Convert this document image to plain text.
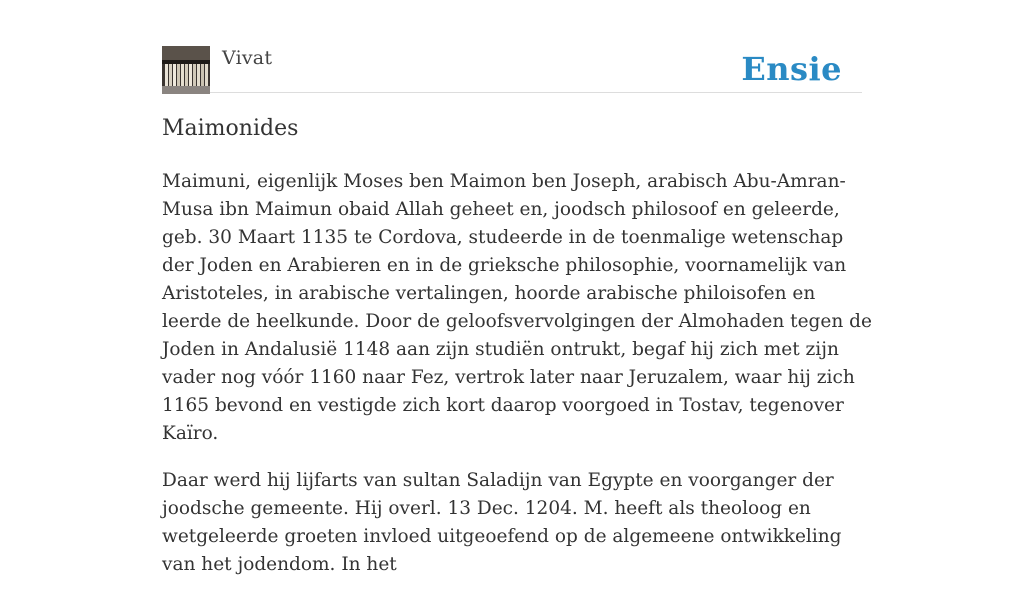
Vivat	Ensie
Maimonides

Maimuni, eigenlijk Moses ben Maimon ben Joseph, arabisch Abu-Amran-Musa ibn Maimun obaid Allah geheet en, joodsch philosoof en geleerde, geb. 30 Maart 1135 te Cordova, studeerde in de toenmalige wetenschap der Joden en Arabieren en in de grieksche philosophie, voornamelijk van Aristoteles, in arabische vertalingen, hoorde arabische philoisofen en leerde de heelkunde. Door de geloofsvervolgingen der Almohaden tegen de Joden in Andalusië 1148 aan zijn studiën ontrukt, begaf hij zich met zijn vader nog vóór 1160 naar Fez, vertrok later naar Jeruzalem, waar hij zich 1165 bevond en vestigde zich kort daarop voorgoed in Tostav, tegenover Kaïro.

Daar werd hij lijfarts van sultan Saladijn van Egypte en voorganger der joodsche gemeente. Hij overl. 13 Dec. 1204. M. heeft als theoloog en wetgeleerde groeten invloed uitgeoefend op de algemeene ontwikkeling van het jodendom. In het
